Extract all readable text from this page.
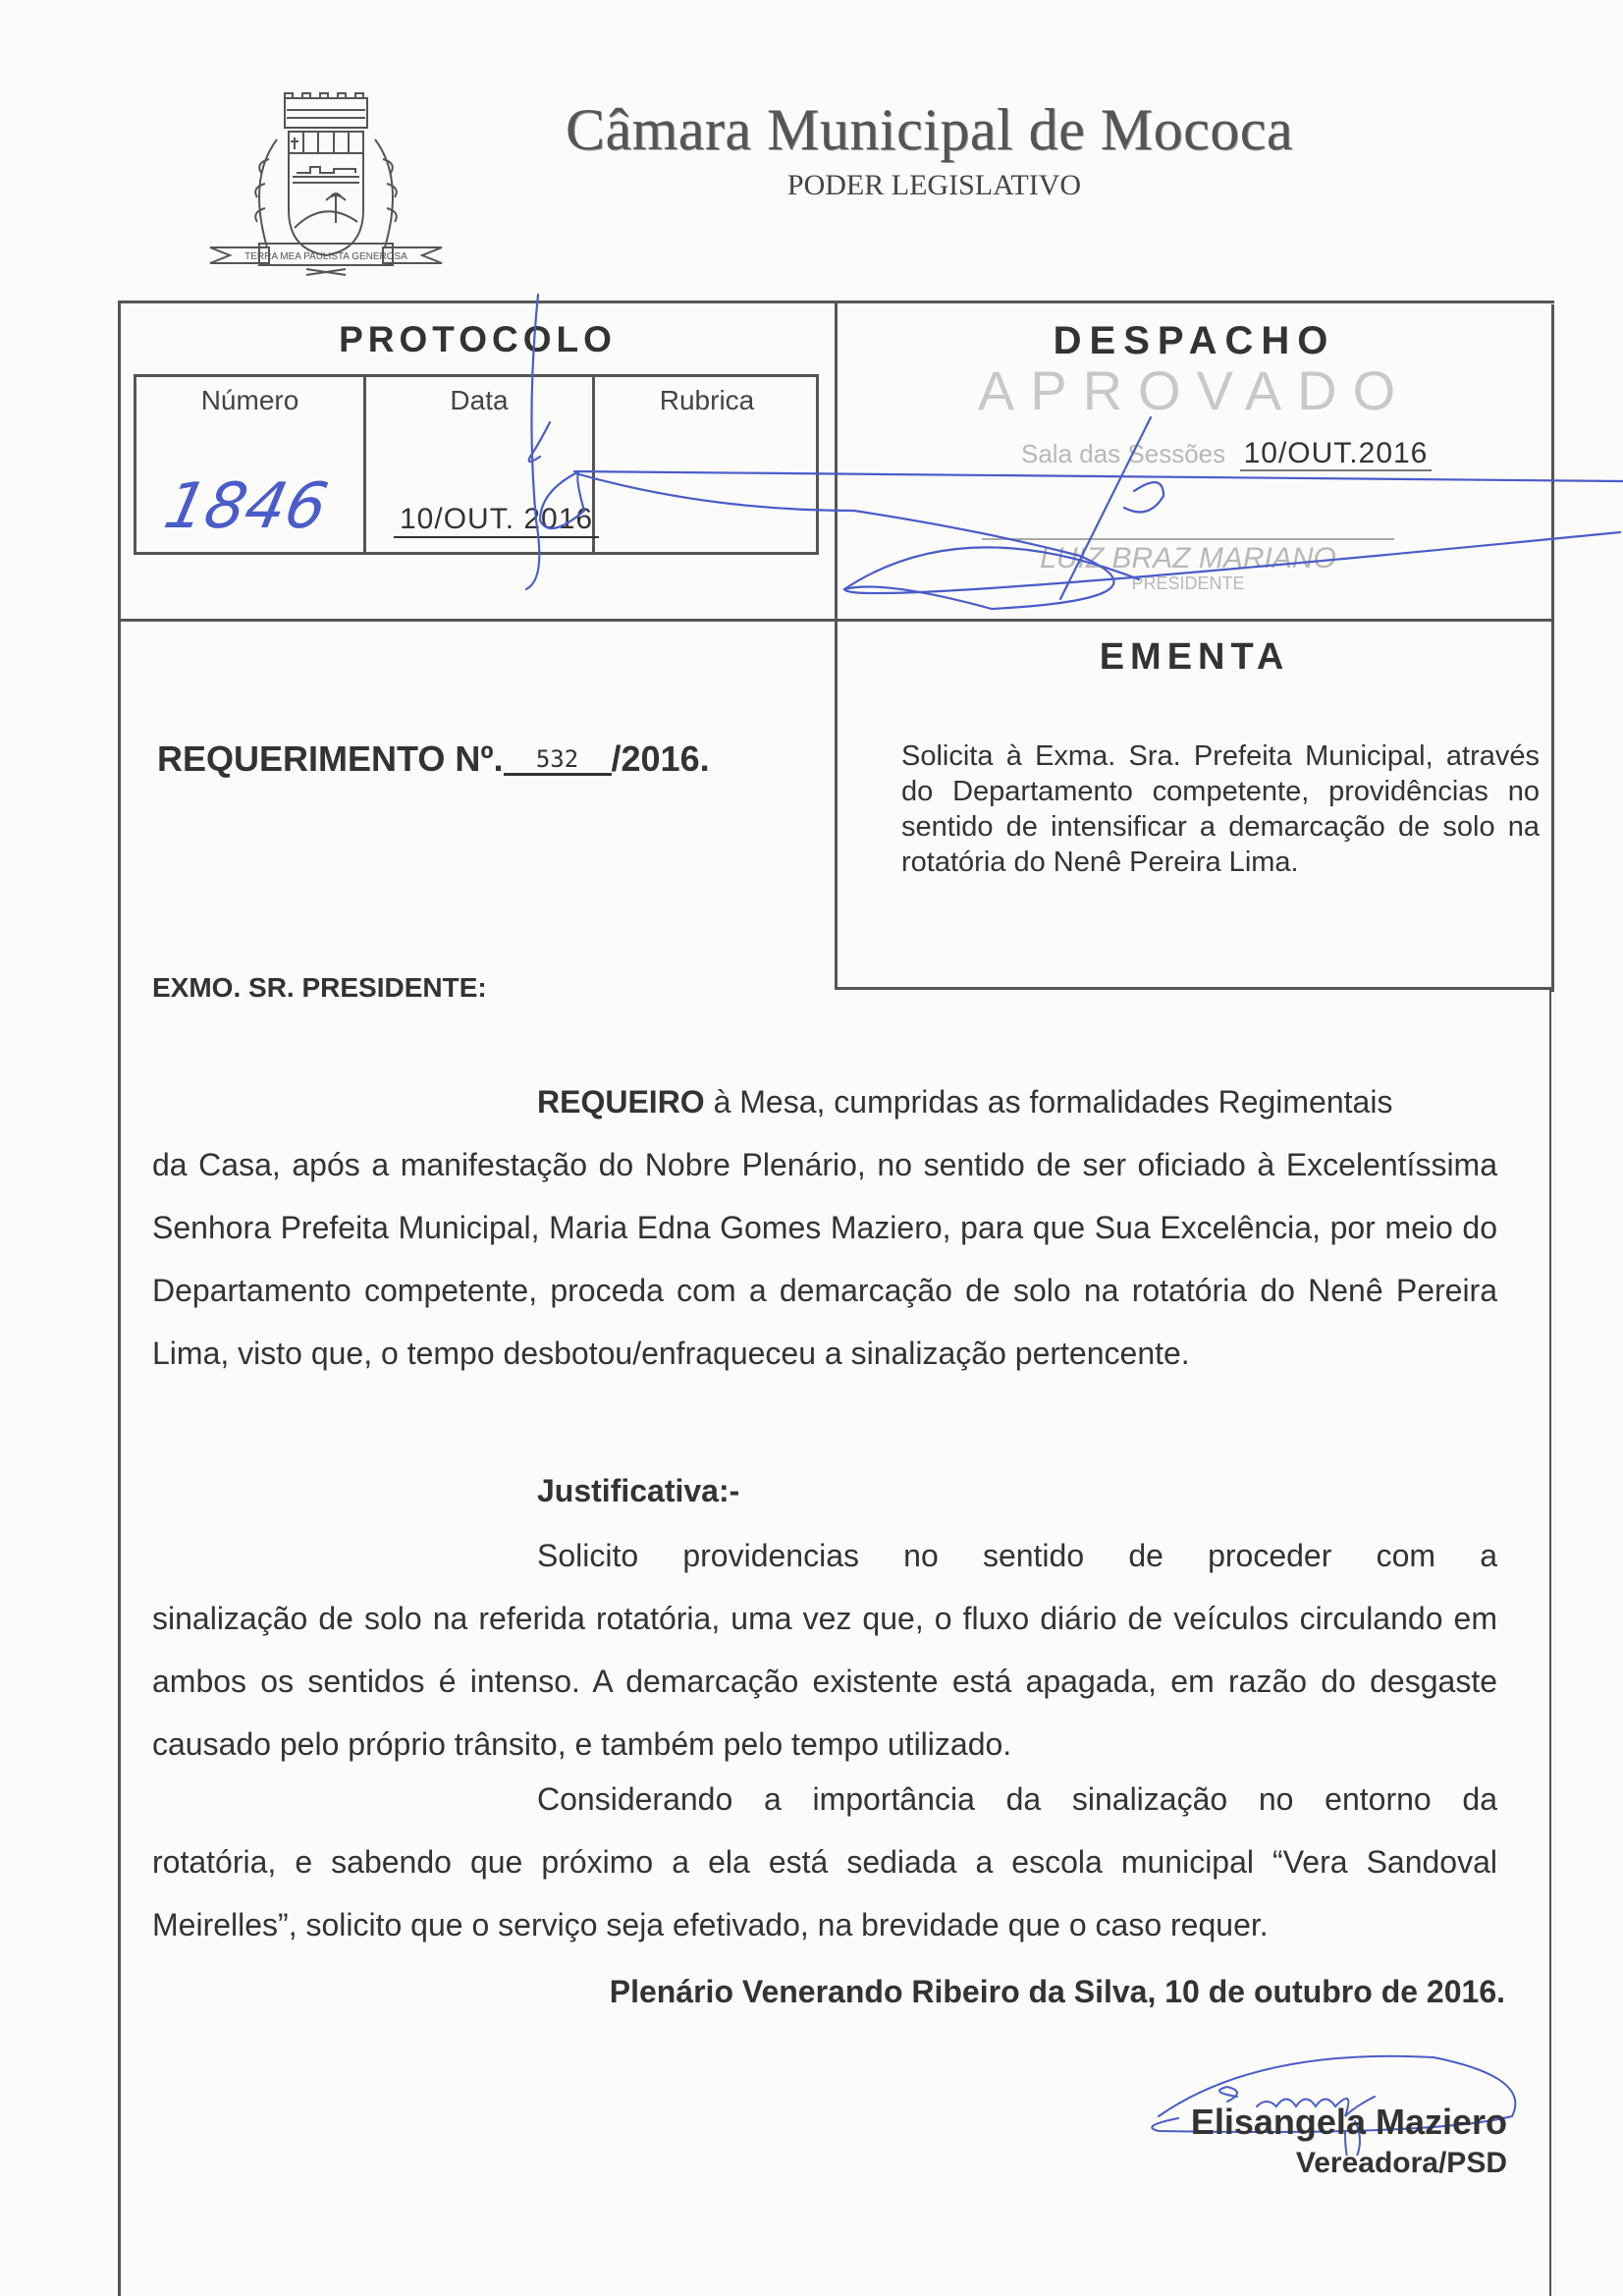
TERRA MEA PAULISTA GENEROSA
Câmara Municipal de Mococa
PODER LEGISLATIVO
PROTOCOLO
Número	Data	Rubrica
1846 10/OUT. 2016
DESPACHO
APROVADO
Sala das Sessões 10/OUT.2016
LUIZ BRAZ MARIANO
PRESIDENTE
REQUERIMENTO Nº. 532 /2016.
EMENTA
Solicita à Exma. Sra. Prefeita Municipal, através do Departamento competente, providências no sentido de intensificar a demarcação de solo na rotatória do Nenê Pereira Lima.
EXMO. SR. PRESIDENTE:
REQUEIRO à Mesa, cumpridas as formalidades Regimentais
da Casa, após a manifestação do Nobre Plenário, no sentido de ser oficiado à Excelentíssima Senhora Prefeita Municipal, Maria Edna Gomes Maziero, para que Sua Excelência, por meio do Departamento competente, proceda com a demarcação de solo na rotatória do Nenê Pereira Lima, visto que, o tempo desbotou/enfraqueceu a sinalização pertencente.
Justificativa:-
Solicito providencias no sentido de proceder com a
sinalização de solo na referida rotatória, uma vez que, o fluxo diário de veículos circulando em ambos os sentidos é intenso. A demarcação existente está apagada, em razão do desgaste causado pelo próprio trânsito, e também pelo tempo utilizado.
Considerando a importância da sinalização no entorno da
rotatória, e sabendo que próximo a ela está sediada a escola municipal “Vera Sandoval Meirelles”, solicito que o serviço seja efetivado, na brevidade que o caso requer.
Plenário Venerando Ribeiro da Silva, 10 de outubro de 2016.
Elisangela Maziero
Vereadora/PSD
